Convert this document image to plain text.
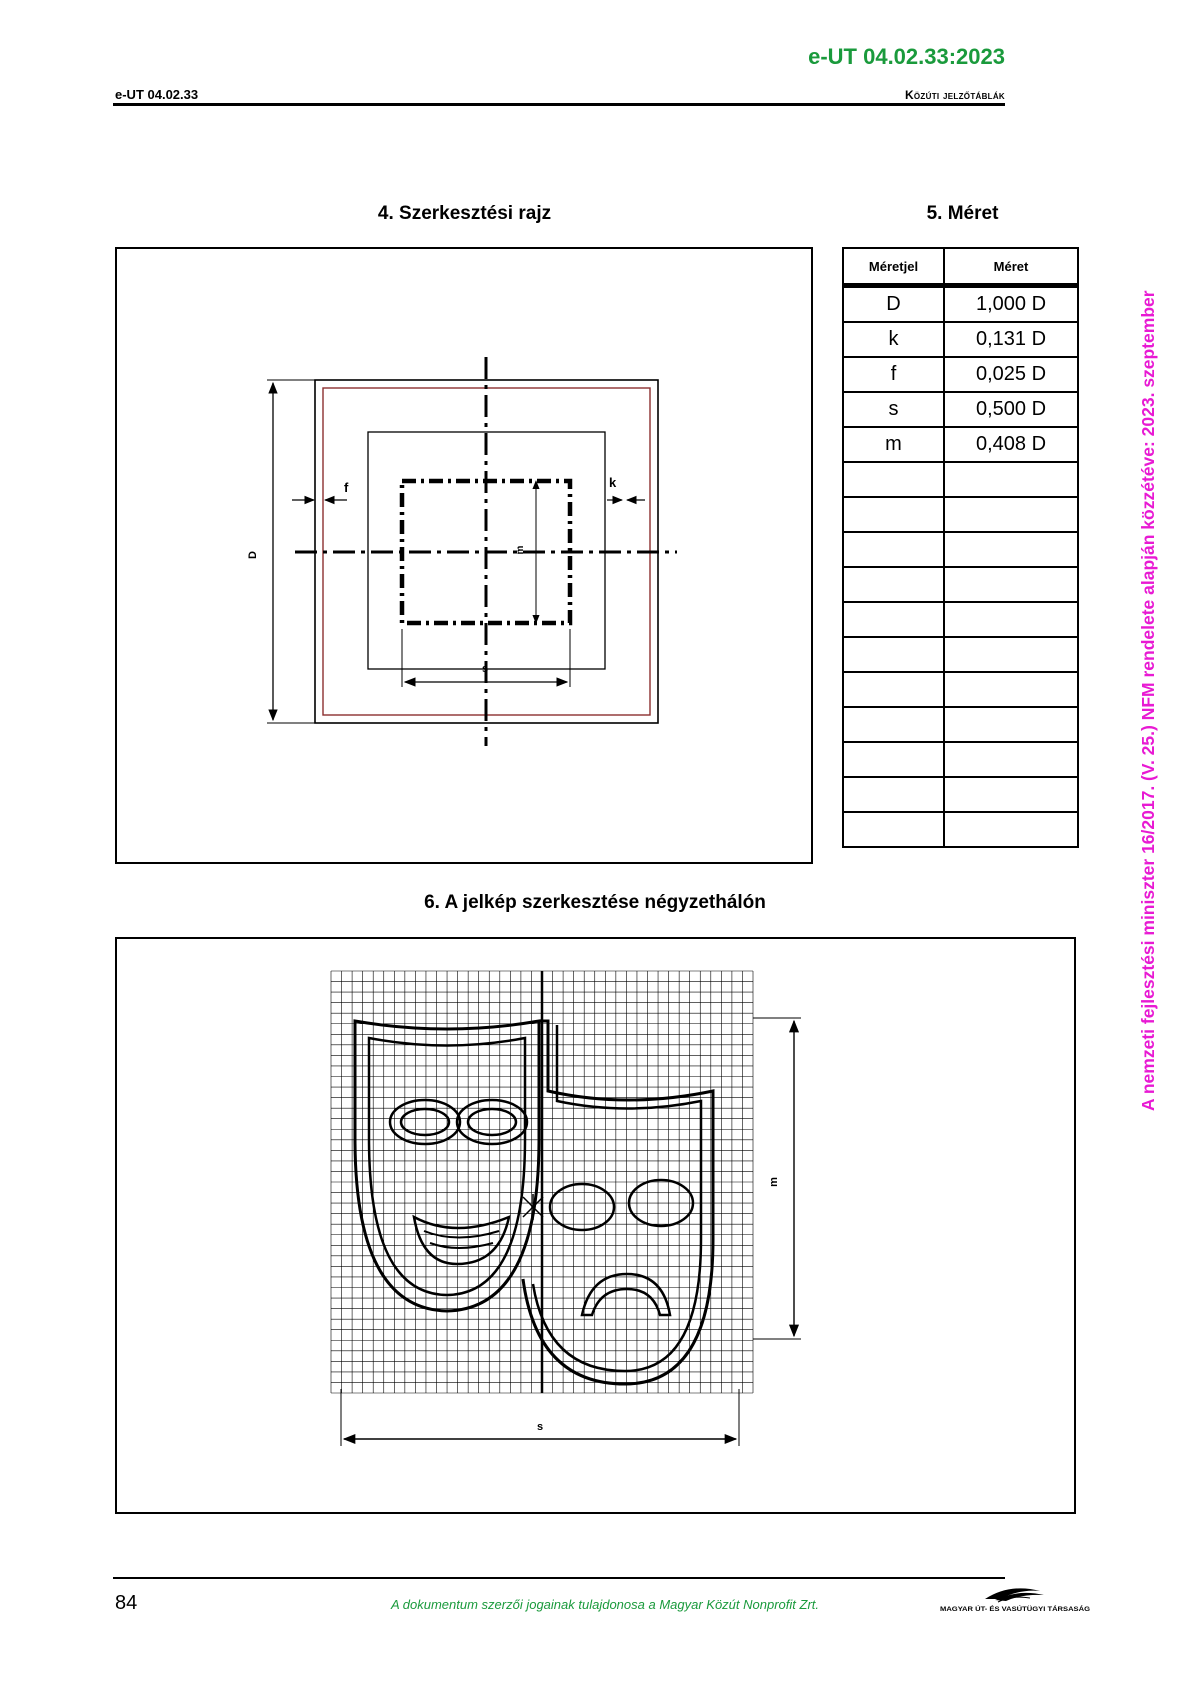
e-UT 04.02.33:2023
e-UT 04.02.33	Közúti jelzőtáblák
4. Szerkesztési rajz	5. Méret
D
f	k
m
s
Méretjel	Méret
D	1,000 D
k	0,131 D
f	0,025 D
s	0,500 D
m	0,408 D

6. A jelkép szerkesztése négyzethálón
m
s
A nemzeti fejlesztési miniszter 16/2017. (V. 25.) NFM rendelete alapján közzétéve: 2023. szeptember
84	A dokumentum szerzői jogainak tulajdonosa a Magyar Közút Nonprofit Zrt.	MAGYAR ÚT- ÉS VASÚTÜGYI TÁRSASÁG
